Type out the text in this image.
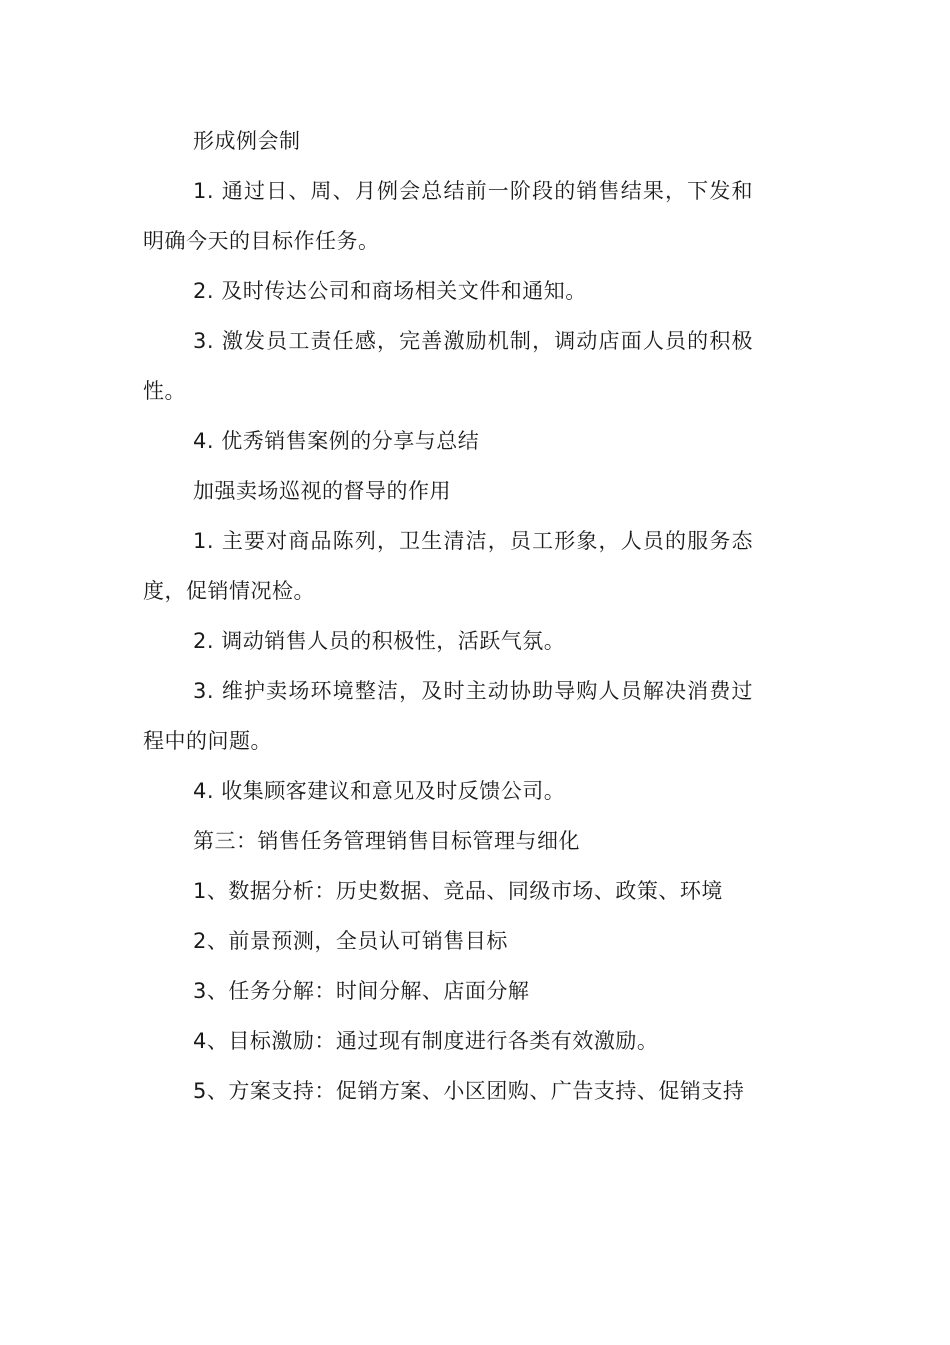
形成例会制

1. 通过日、周、月例会总结前一阶段的销售结果，下发和明确今天的目标作任务。

2. 及时传达公司和商场相关文件和通知。

3. 激发员工责任感，完善激励机制，调动店面人员的积极性。

4. 优秀销售案例的分享与总结

加强卖场巡视的督导的作用

1. 主要对商品陈列，卫生清洁，员工形象，人员的服务态度，促销情况检。

2. 调动销售人员的积极性，活跃气氛。

3. 维护卖场环境整洁，及时主动协助导购人员解决消费过程中的问题。

4. 收集顾客建议和意见及时反馈公司。

第三：销售任务管理销售目标管理与细化

1、数据分析：历史数据、竞品、同级市场、政策、环境

2、前景预测，全员认可销售目标

3、任务分解：时间分解、店面分解

4、目标激励：通过现有制度进行各类有效激励。

5、方案支持：促销方案、小区团购、广告支持、促销支持
